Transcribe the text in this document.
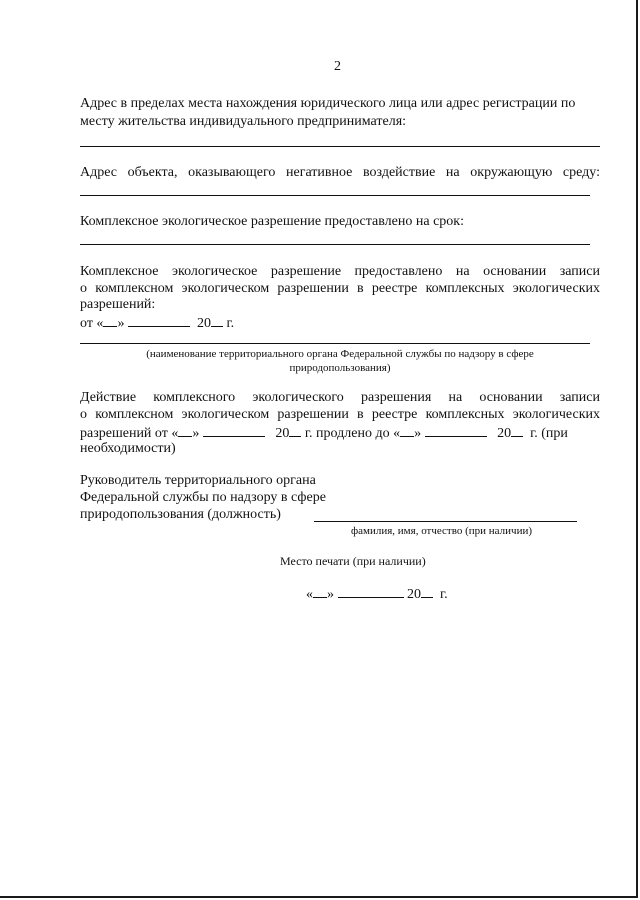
2
Адрес в пределах места нахождения юридического лица или адрес регистрации по
месту жительства индивидуального предпринимателя:
Адрес объекта, оказывающего негативное воздействие на окружающую среду:
Комплексное экологическое разрешение предоставлено на срок:
Комплексное экологическое разрешение предоставлено на основании записи
о комплексном экологическом разрешении в реестре комплексных экологических
разрешений:
от « »	20 г.
(наименование территориального органа Федеральной службы по надзору в сфере
природопользования)
Действие комплексного экологического разрешения на основании записи
о комплексном экологическом разрешении в реестре комплексных экологических
разрешений от « »	20 г. продлено до « »	20 г. (при
необходимости)
Руководитель территориального органа
Федеральной службы по надзору в сфере
природопользования (должность)
фамилия, имя, отчество (при наличии)
Место печати (при наличии)
« »	20 г.
